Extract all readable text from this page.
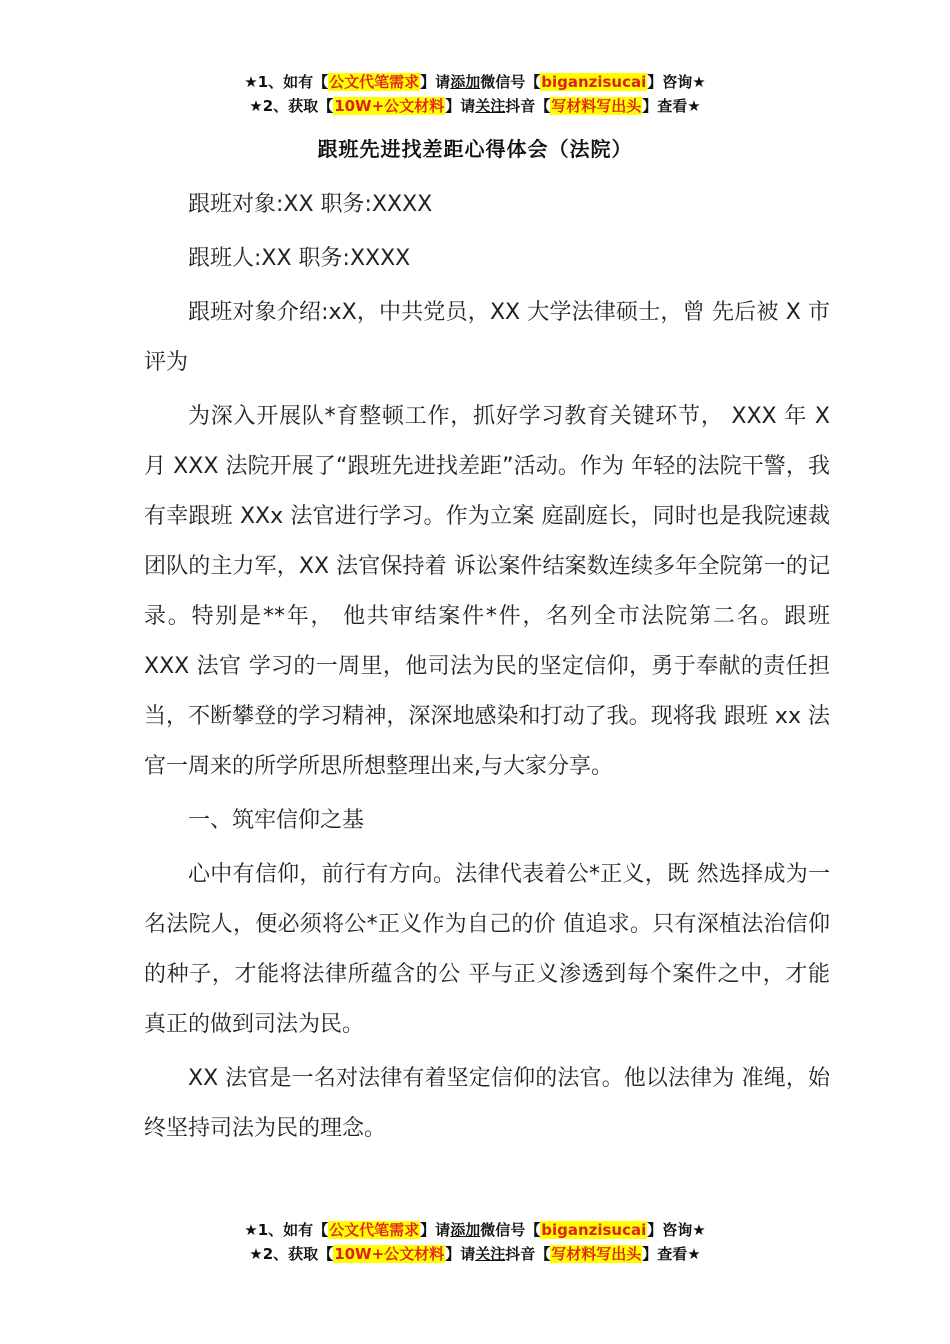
★1、如有【公文代笔需求】请添加微信号【biganzisucai】咨询★
★2、获取【10W+公文材料】请关注抖音【写材料写出头】查看★
跟班先进找差距心得体会（法院）

跟班对象:XX 职务:XXXX

跟班人:XX 职务:XXXX

跟班对象介绍:xX，中共党员，XX 大学法律硕士，曾 先后被 X 市评为

为深入开展队*育整顿工作，抓好学习教育关键环节， XXX 年 X 月 XXX 法院开展了“跟班先进找差距”活动。作为 年轻的法院干警，我有幸跟班 XXx 法官进行学习。作为立案 庭副庭长，同时也是我院速裁团队的主力军，XX 法官保持着 诉讼案件结案数连续多年全院第一的记录。特别是**年， 他共审结案件*件，名列全市法院第二名。跟班 XXX 法官 学习的一周里，他司法为民的坚定信仰，勇于奉献的责任担 当，不断攀登的学习精神，深深地感染和打动了我。现将我 跟班 xx 法官一周来的所学所思所想整理出来,与大家分享。

一、筑牢信仰之基

心中有信仰，前行有方向。法律代表着公*正义，既 然选择成为一名法院人，便必须将公*正义作为自己的价 值追求。只有深植法治信仰的种子，才能将法律所蕴含的公 平与正义渗透到每个案件之中，才能真正的做到司法为民。

XX 法官是一名对法律有着坚定信仰的法官。他以法律为 准绳，始终坚持司法为民的理念。

★1、如有【公文代笔需求】请添加微信号【biganzisucai】咨询★
★2、获取【10W+公文材料】请关注抖音【写材料写出头】查看★
